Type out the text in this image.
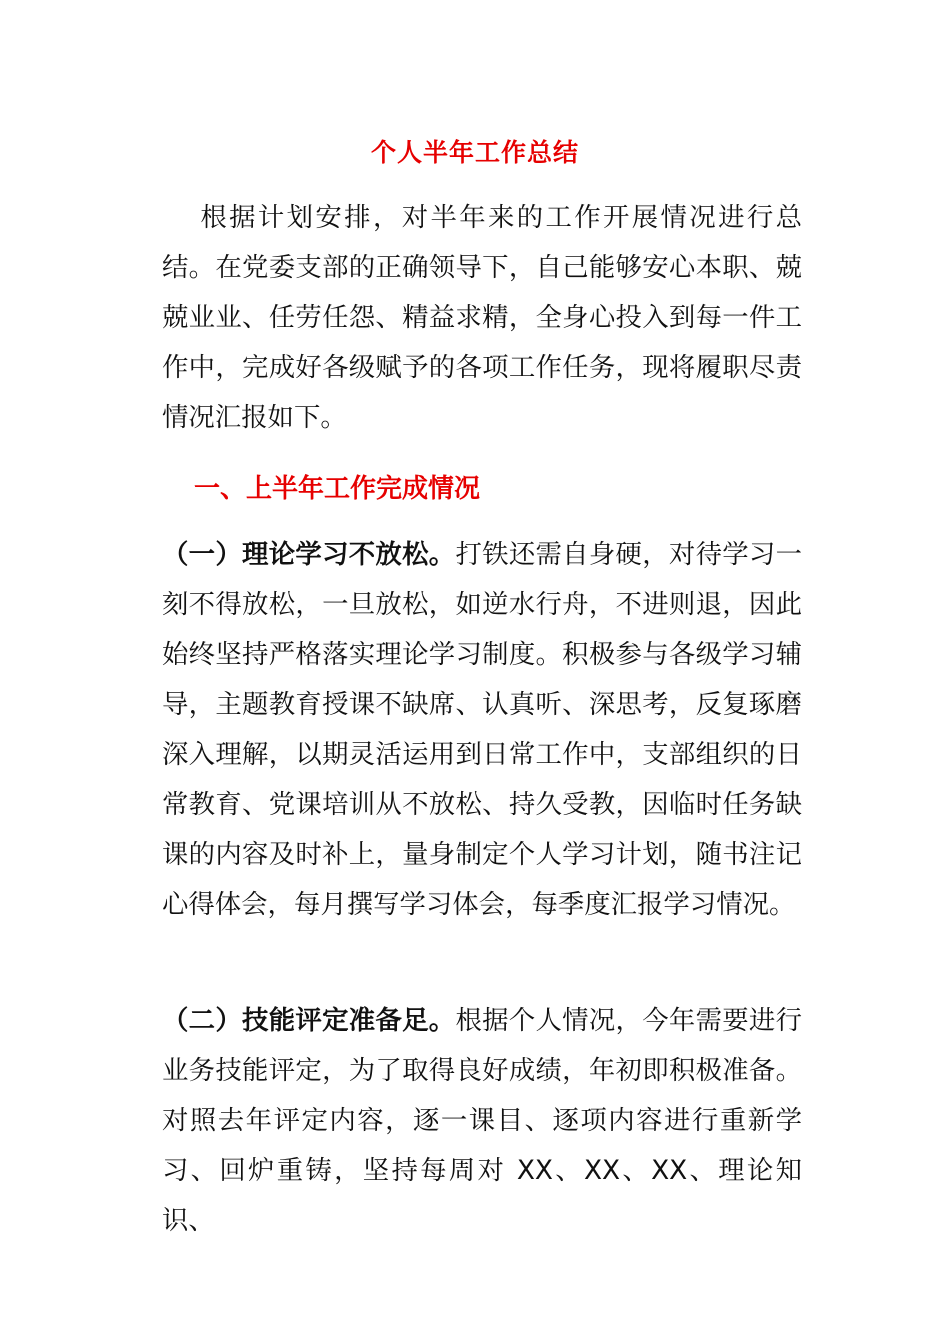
个人半年工作总结

根据计划安排，对半年来的工作开展情况进行总结。在党委支部的正确领导下，自己能够安心本职、兢兢业业、任劳任怨、精益求精，全身心投入到每一件工作中，完成好各级赋予的各项工作任务，现将履职尽责情况汇报如下。

一、上半年工作完成情况

（一）理论学习不放松。打铁还需自身硬，对待学习一刻不得放松，一旦放松，如逆水行舟，不进则退，因此始终坚持严格落实理论学习制度。积极参与各级学习辅导，主题教育授课不缺席、认真听、深思考，反复琢磨深入理解，以期灵活运用到日常工作中，支部组织的日常教育、党课培训从不放松、持久受教，因临时任务缺课的内容及时补上，量身制定个人学习计划，随书注记心得体会，每月撰写学习体会，每季度汇报学习情况。

（二）技能评定准备足。根据个人情况，今年需要进行业务技能评定，为了取得良好成绩，年初即积极准备。对照去年评定内容，逐一课目、逐项内容进行重新学习、回炉重铸，坚持每周对 XX、XX、XX、理论知识、
